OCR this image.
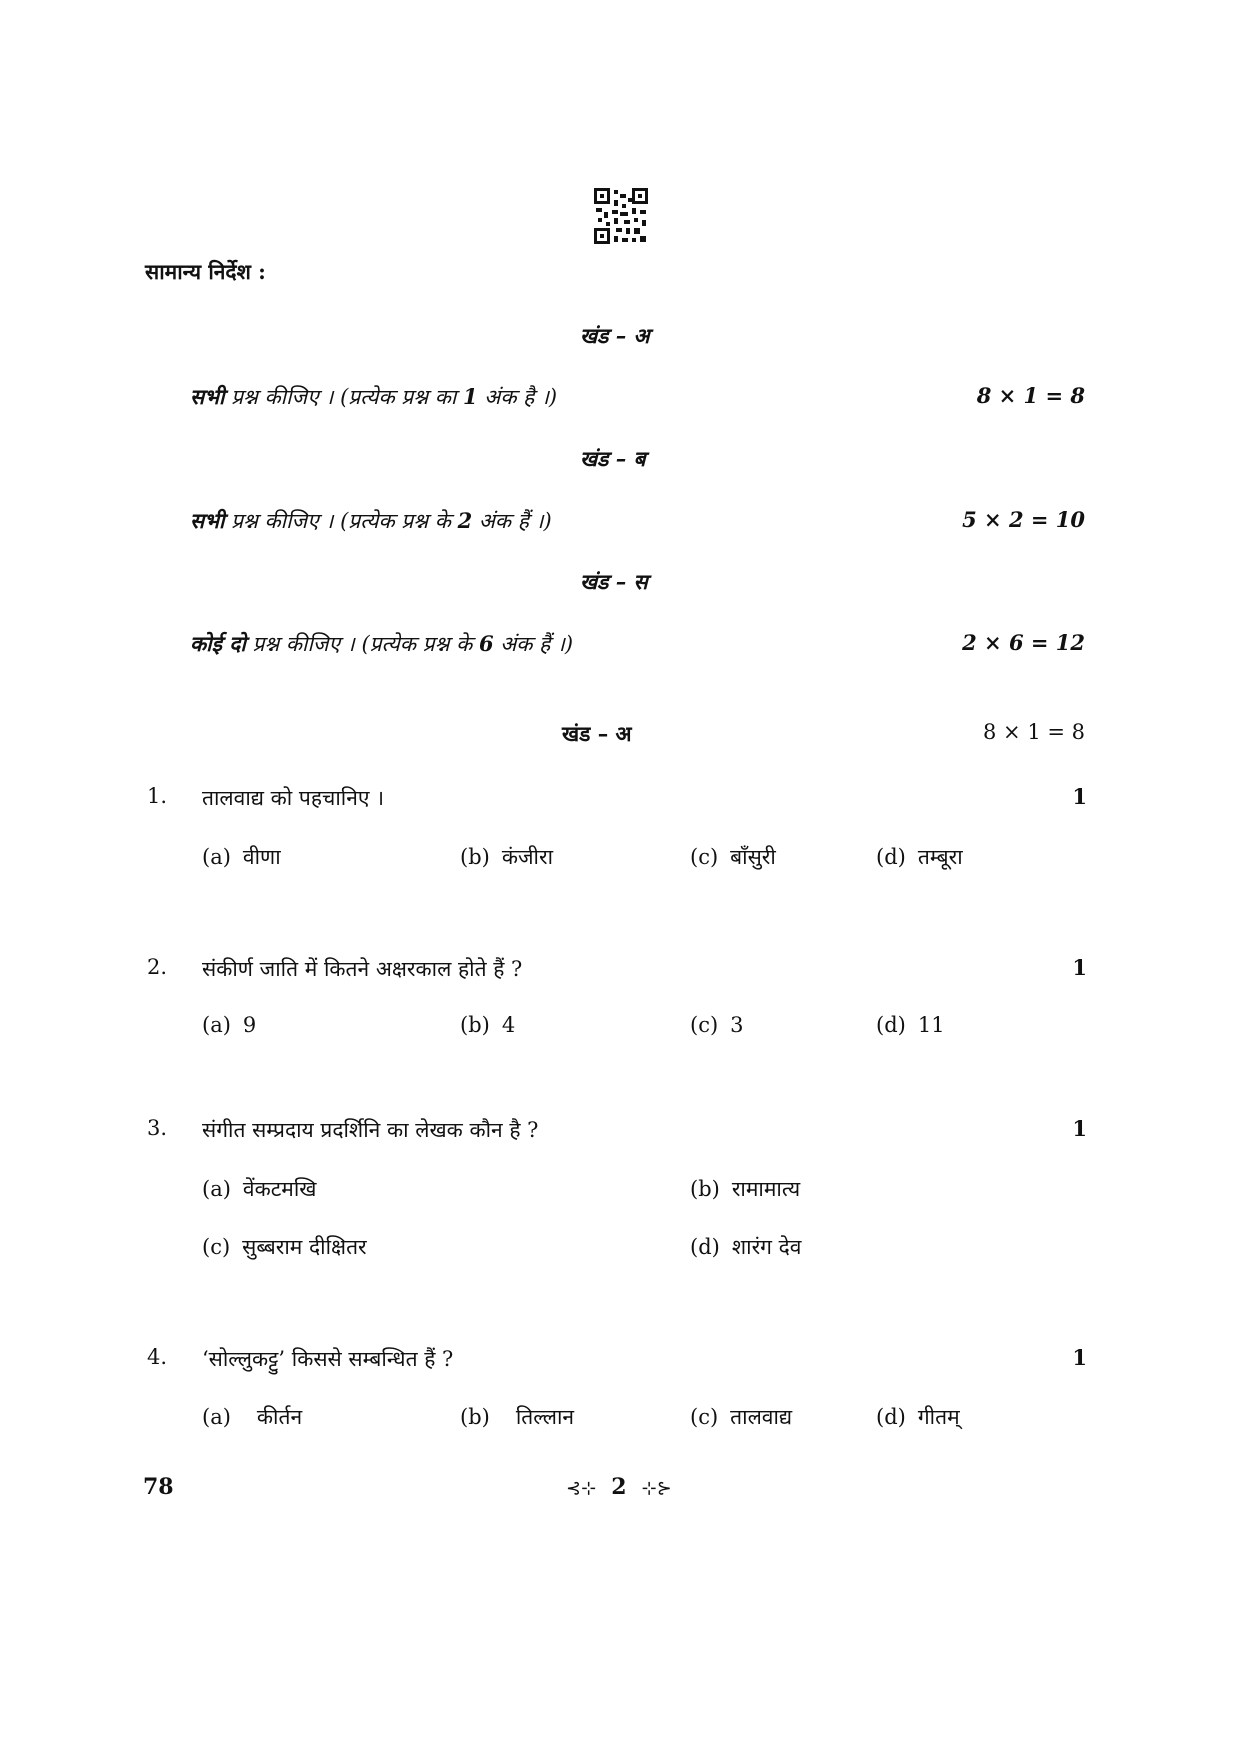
सामान्य निर्देश :
खंड – अ
सभी प्रश्न कीजिए । (प्रत्येक प्रश्न का 1 अंक है ।)	8 × 1 = 8
खंड – ब
सभी प्रश्न कीजिए । (प्रत्येक प्रश्न के 2 अंक हैं ।)	5 × 2 = 10
खंड – स
कोई दो प्रश्न कीजिए । (प्रत्येक प्रश्न के 6 अंक हैं ।)	2 × 6 = 12
खंड – अ	8 × 1 = 8
1. तालवाद्य को पहचानिए ।	1
(a) वीणा	(b) कंजीरा	(c) बाँसुरी	(d) तम्बूरा
2. संकीर्ण जाति में कितने अक्षरकाल होते हैं ?	1
(a) 9	(b) 4	(c) 3	(d) 11
3. संगीत सम्प्रदाय प्रदर्शिनि का लेखक कौन है ?	1
(a) वेंकटमखि	(b) रामामात्य
(c) सुब्बराम दीक्षितर	(d) शारंग देव
4. ‘सोल्लुकट्टु’ किससे सम्बन्धित हैं ?	1
(a) कीर्तन	(b) तिल्लान	(c) तालवाद्य	(d) गीतम्
78	⊰⊹ 2 ⊹⊱
